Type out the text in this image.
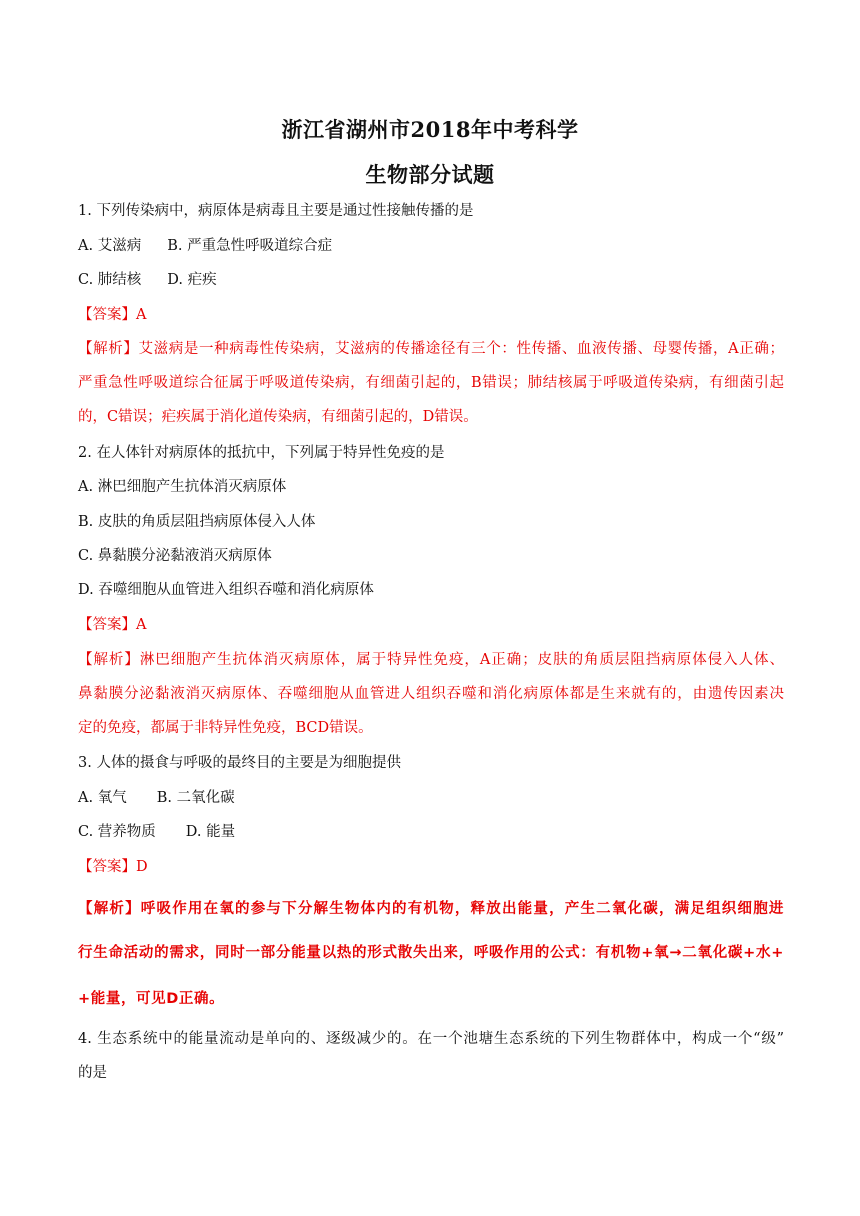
浙江省湖州市2018年中考科学
生物部分试题
1. 下列传染病中，病原体是病毒且主要是通过性接触传播的是
A. 艾滋病 B. 严重急性呼吸道综合症
C. 肺结核 D. 疟疾
【答案】A
【解析】艾滋病是一种病毒性传染病，艾滋病的传播途径有三个：性传播、血液传播、母婴传播，A正确；
严重急性呼吸道综合征属于呼吸道传染病，有细菌引起的，B错误；肺结核属于呼吸道传染病，有细菌引起
的，C错误；疟疾属于消化道传染病，有细菌引起的，D错误。
2. 在人体针对病原体的抵抗中，下列属于特异性免疫的是
A. 淋巴细胞产生抗体消灭病原体
B. 皮肤的角质层阻挡病原体侵入人体
C. 鼻黏膜分泌黏液消灭病原体
D. 吞噬细胞从血管进入组织吞噬和消化病原体
【答案】A
【解析】淋巴细胞产生抗体消灭病原体，属于特异性免疫，A正确；皮肤的角质层阻挡病原体侵入人体、
鼻黏膜分泌黏液消灭病原体、吞噬细胞从血管进人组织吞噬和消化病原体都是生来就有的，由遗传因素决
定的免疫，都属于非特异性免疫，BCD错误。
3. 人体的摄食与呼吸的最终目的主要是为细胞提供
A. 氧气 B. 二氧化碳
C. 营养物质 D. 能量
【答案】D
【解析】呼吸作用在氧的参与下分解生物体内的有机物，释放出能量，产生二氧化碳，满足组织细胞进
行生命活动的需求，同时一部分能量以热的形式散失出来，呼吸作用的公式：有机物+氧→二氧化碳+水+
+能量，可见D正确。
4. 生态系统中的能量流动是单向的、逐级减少的。在一个池塘生态系统的下列生物群体中，构成一个“级”
的是
